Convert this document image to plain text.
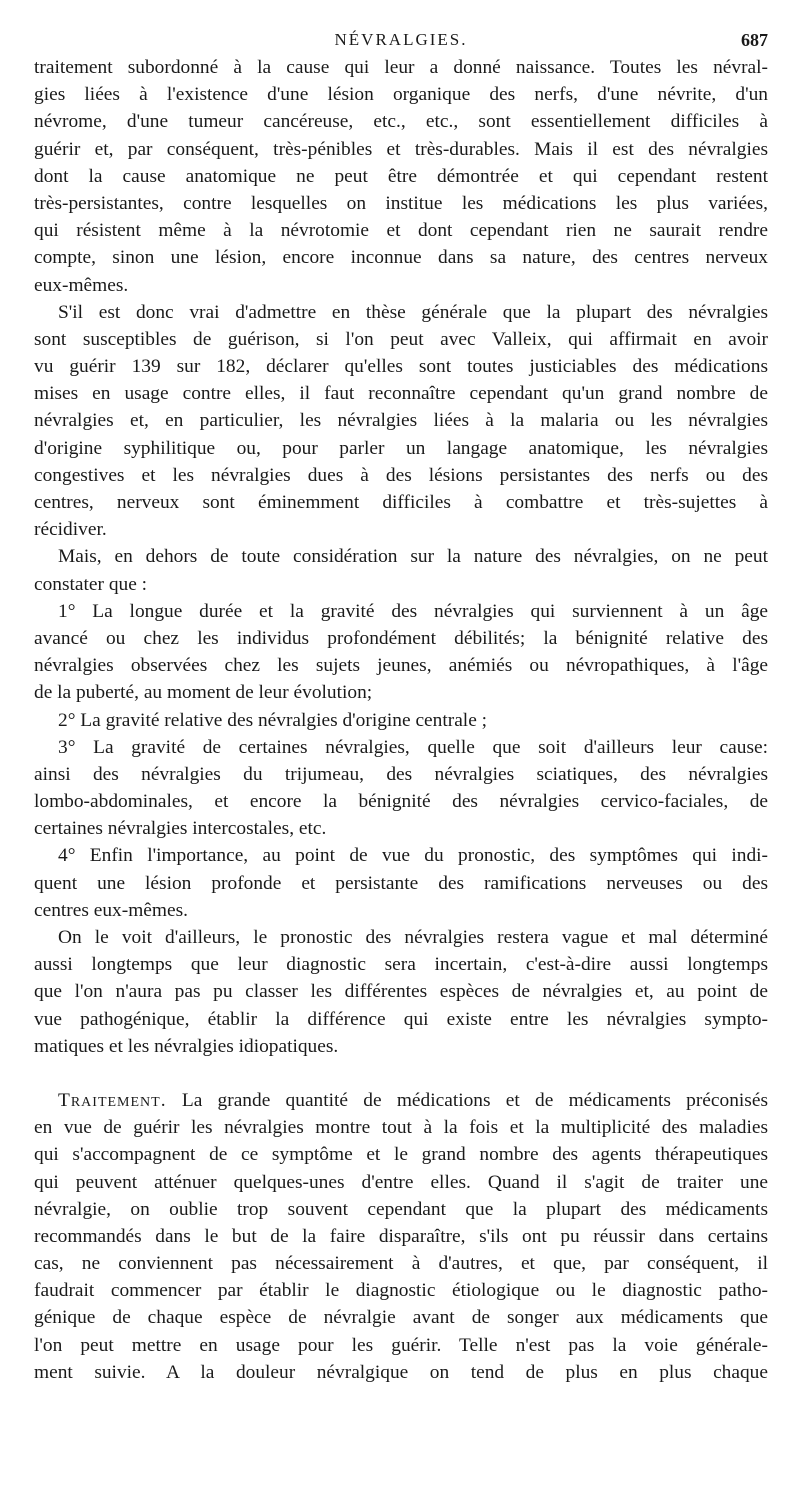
NÉVRALGIES.	687
traitement subordonné à la cause qui leur a donné naissance. Toutes les névral-
gies liées à l'existence d'une lésion organique des nerfs, d'une névrite, d'un
névrome, d'une tumeur cancéreuse, etc., etc., sont essentiellement difficiles à
guérir et, par conséquent, très-pénibles et très-durables. Mais il est des névralgies
dont la cause anatomique ne peut être démontrée et qui cependant restent
très-persistantes, contre lesquelles on institue les médications les plus variées,
qui résistent même à la névrotomie et dont cependant rien ne saurait rendre
compte, sinon une lésion, encore inconnue dans sa nature, des centres nerveux
eux-mêmes.
S'il est donc vrai d'admettre en thèse générale que la plupart des névralgies
sont susceptibles de guérison, si l'on peut avec Valleix, qui affirmait en avoir
vu guérir 139 sur 182, déclarer qu'elles sont toutes justiciables des médications
mises en usage contre elles, il faut reconnaître cependant qu'un grand nombre de
névralgies et, en particulier, les névralgies liées à la malaria ou les névralgies
d'origine syphilitique ou, pour parler un langage anatomique, les névralgies
congestives et les névralgies dues à des lésions persistantes des nerfs ou des
centres, nerveux sont éminemment difficiles à combattre et très-sujettes à
récidiver.
Mais, en dehors de toute considération sur la nature des névralgies, on ne peut
constater que :
1° La longue durée et la gravité des névralgies qui surviennent à un âge
avancé ou chez les individus profondément débilités; la bénignité relative des
névralgies observées chez les sujets jeunes, anémiés ou névropathiques, à l'âge
de la puberté, au moment de leur évolution;
2° La gravité relative des névralgies d'origine centrale ;
3° La gravité de certaines névralgies, quelle que soit d'ailleurs leur cause:
ainsi des névralgies du trijumeau, des névralgies sciatiques, des névralgies
lombo-abdominales, et encore la bénignité des névralgies cervico-faciales, de
certaines névralgies intercostales, etc.
4° Enfin l'importance, au point de vue du pronostic, des symptômes qui indi-
quent une lésion profonde et persistante des ramifications nerveuses ou des
centres eux-mêmes.
On le voit d'ailleurs, le pronostic des névralgies restera vague et mal déterminé
aussi longtemps que leur diagnostic sera incertain, c'est-à-dire aussi longtemps
que l'on n'aura pas pu classer les différentes espèces de névralgies et, au point de
vue pathogénique, établir la différence qui existe entre les névralgies sympto-
matiques et les névralgies idiopatiques.
Traitement. La grande quantité de médications et de médicaments préconisés
en vue de guérir les névralgies montre tout à la fois et la multiplicité des maladies
qui s'accompagnent de ce symptôme et le grand nombre des agents thérapeutiques
qui peuvent atténuer quelques-unes d'entre elles. Quand il s'agit de traiter une
névralgie, on oublie trop souvent cependant que la plupart des médicaments
recommandés dans le but de la faire disparaître, s'ils ont pu réussir dans certains
cas, ne conviennent pas nécessairement à d'autres, et que, par conséquent, il
faudrait commencer par établir le diagnostic étiologique ou le diagnostic patho-
génique de chaque espèce de névralgie avant de songer aux médicaments que
l'on peut mettre en usage pour les guérir. Telle n'est pas la voie générale-
ment suivie. A la douleur névralgique on tend de plus en plus chaque
